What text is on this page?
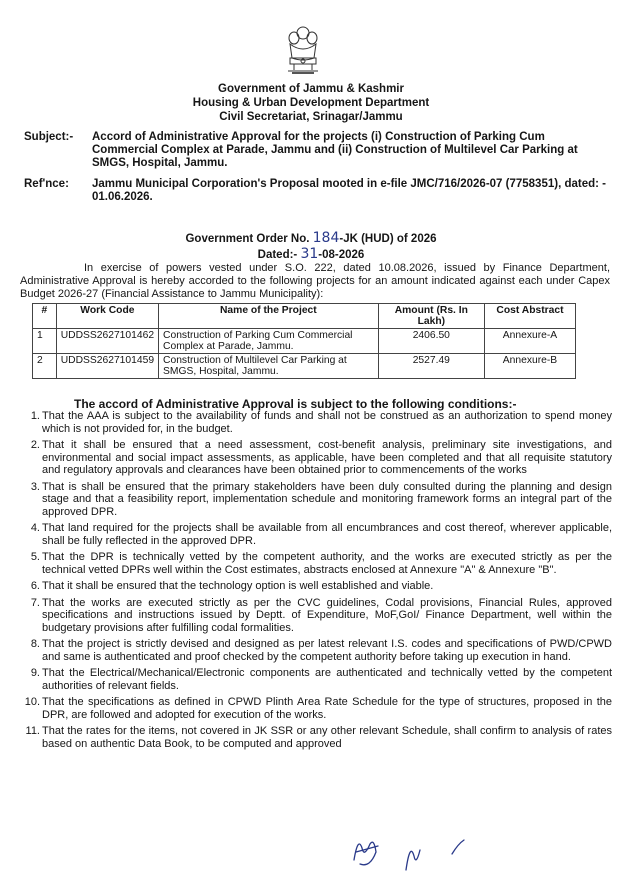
Government of Jammu & Kashmir
Housing & Urban Development Department
Civil Secretariat, Srinagar/Jammu
Subject:- Accord of Administrative Approval for the projects (i) Construction of Parking Cum Commercial Complex at Parade, Jammu and (ii) Construction of Multilevel Car Parking at SMGS, Hospital, Jammu.
Ref'nce: Jammu Municipal Corporation's Proposal mooted in e-file JMC/716/2026-07 (7758351), dated: - 01.06.2026.
Government Order No. 184-JK (HUD) of 2026
Dated:- 31-08-2026
In exercise of powers vested under S.O. 222, dated 10.08.2026, issued by Finance Department, Administrative Approval is hereby accorded to the following projects for an amount indicated against each under Capex Budget 2026-27 (Financial Assistance to Jammu Municipality):
#	Work Code	Name of the Project	Amount (Rs. In Lakh)	Cost Abstract
1	UDDSS2627101462	Construction of Parking Cum Commercial Complex at Parade, Jammu.	2406.50	Annexure-A
2	UDDSS2627101459	Construction of Multilevel Car Parking at SMGS, Hospital, Jammu.	2527.49	Annexure-B
The accord of Administrative Approval is subject to the following conditions:-
1. That the AAA is subject to the availability of funds and shall not be construed as an authorization to spend money which is not provided for, in the budget.
2. That it shall be ensured that a need assessment, cost-benefit analysis, preliminary site investigations, and environmental and social impact assessments, as applicable, have been completed and that all requisite statutory and regulatory approvals and clearances have been obtained prior to commencements of the works
3. That is shall be ensured that the primary stakeholders have been duly consulted during the planning and design stage and that a feasibility report, implementation schedule and monitoring framework forms an integral part of the approved DPR.
4. That land required for the projects shall be available from all encumbrances and cost thereof, wherever applicable, shall be fully reflected in the approved DPR.
5. That the DPR is technically vetted by the competent authority, and the works are executed strictly as per the technical vetted DPRs well within the Cost estimates, abstracts enclosed at Annexure "A" & Annexure "B".
6. That it shall be ensured that the technology option is well established and viable.
7. That the works are executed strictly as per the CVC guidelines, Codal provisions, Financial Rules, approved specifications and instructions issued by Deptt. of Expenditure, MoF,GoI/ Finance Department, well within the budgetary provisions after fulfilling codal formalities.
8. That the project is strictly devised and designed as per latest relevant I.S. codes and specifications of PWD/CPWD and same is authenticated and proof checked by the competent authority before taking up execution in hand.
9. That the Electrical/Mechanical/Electronic components are authenticated and technically vetted by the competent authorities of relevant fields.
10. That the specifications as defined in CPWD Plinth Area Rate Schedule for the type of structures, proposed in the DPR, are followed and adopted for execution of the works.
11. That the rates for the items, not covered in JK SSR or any other relevant Schedule, shall confirm to analysis of rates based on authentic Data Book, to be computed and approved
